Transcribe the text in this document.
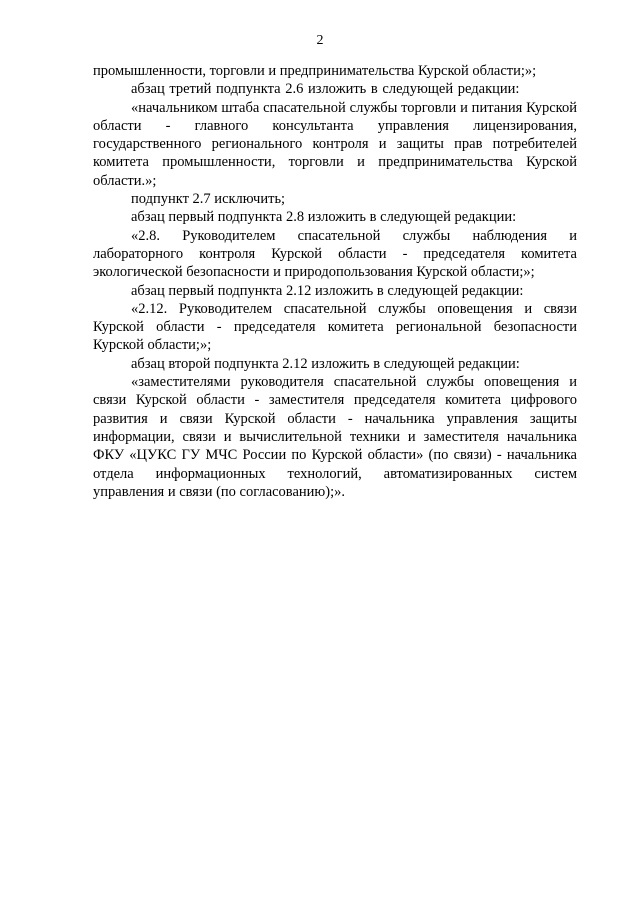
2

промышленности, торговли и предпринимательства Курской области;»;

абзац третий подпункта 2.6 изложить в следующей редакции:

«начальником штаба спасательной службы торговли и питания Курской области - главного консультанта управления лицензирования, государственного регионального контроля и защиты прав потребителей комитета промышленности, торговли и предпринимательства Курской области.»;

подпункт 2.7 исключить;

абзац первый подпункта 2.8 изложить в следующей редакции:

«2.8. Руководителем спасательной службы наблюдения и лабораторного контроля Курской области - председателя комитета экологической безопасности и природопользования Курской области;»;

абзац первый подпункта 2.12 изложить в следующей редакции:

«2.12. Руководителем спасательной службы оповещения и связи Курской области - председателя комитета региональной безопасности Курской области;»;

абзац второй подпункта 2.12 изложить в следующей редакции:

«заместителями руководителя спасательной службы оповещения и связи Курской области - заместителя председателя комитета цифрового развития и связи Курской области - начальника управления защиты информации, связи и вычислительной техники и заместителя начальника ФКУ «ЦУКС ГУ МЧС России по Курской области» (по связи) - начальника отдела информационных технологий, автоматизированных систем управления и связи (по согласованию);».
